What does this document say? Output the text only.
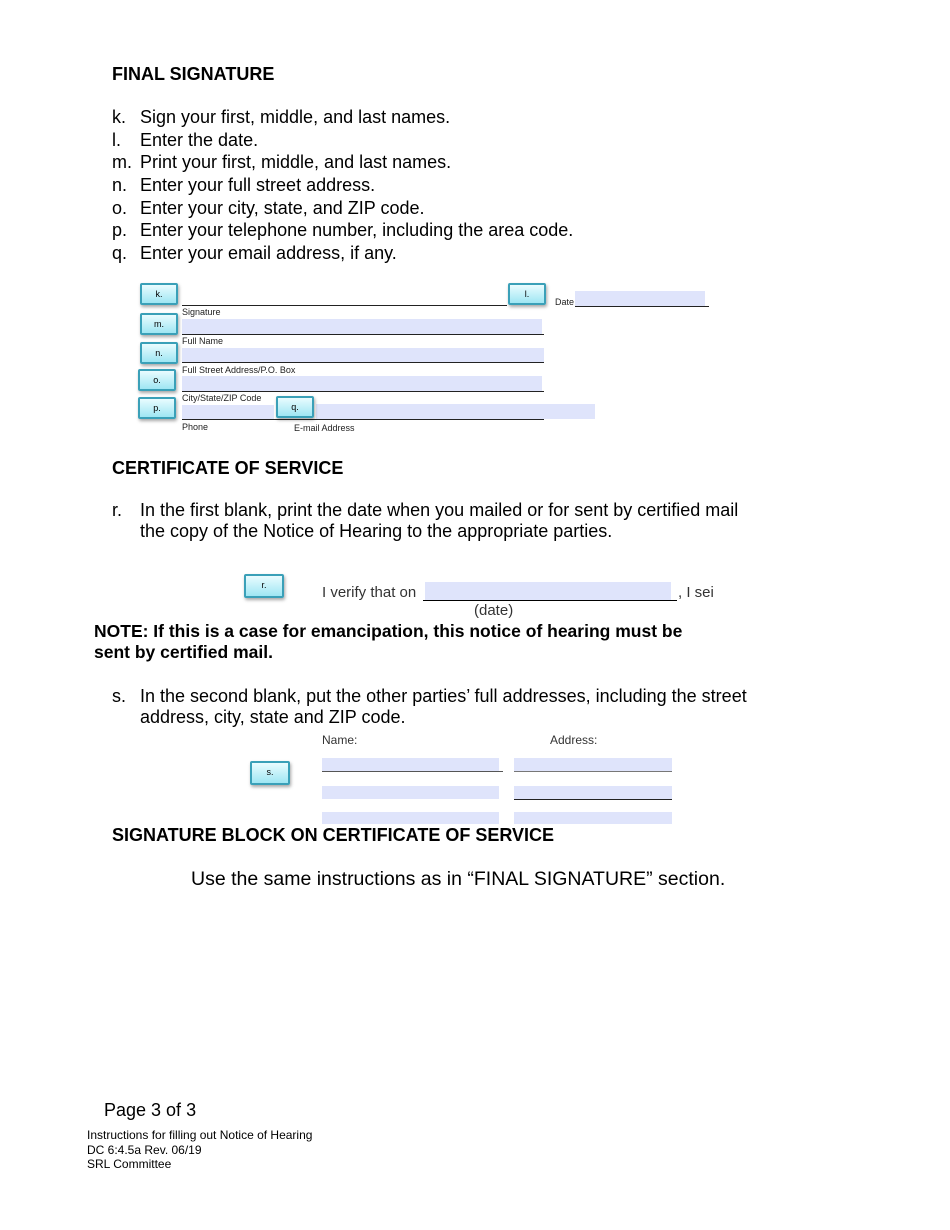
FINAL SIGNATURE
k. Sign your first, middle, and last names.
l. Enter the date.
m. Print your first, middle, and last names.
n. Enter your full street address.
o. Enter your city, state, and ZIP code.
p. Enter your telephone number, including the area code.
q. Enter your email address, if any.
Date
Signature
Full Name
Full Street Address/P.O. Box
City/State/ZIP Code
Phone	E-mail Address
k.	l.
m.
n.
o.
p.	q.
CERTIFICATE OF SERVICE
r. In the first blank, print the date when you mailed or for sent by certified mail the copy of the Notice of Hearing to the appropriate parties.
r.	I verify that on	, I sei
(date)
NOTE: If this is a case for emancipation, this notice of hearing must be sent by certified mail.
s. In the second blank, put the other parties’ full addresses, including the street address, city, state and ZIP code.
Name:	Address:
s.
SIGNATURE BLOCK ON CERTIFICATE OF SERVICE
Use the same instructions as in “FINAL SIGNATURE” section.
Page 3 of 3
Instructions for filling out Notice of Hearing
DC 6:4.5a Rev. 06/19
SRL Committee
